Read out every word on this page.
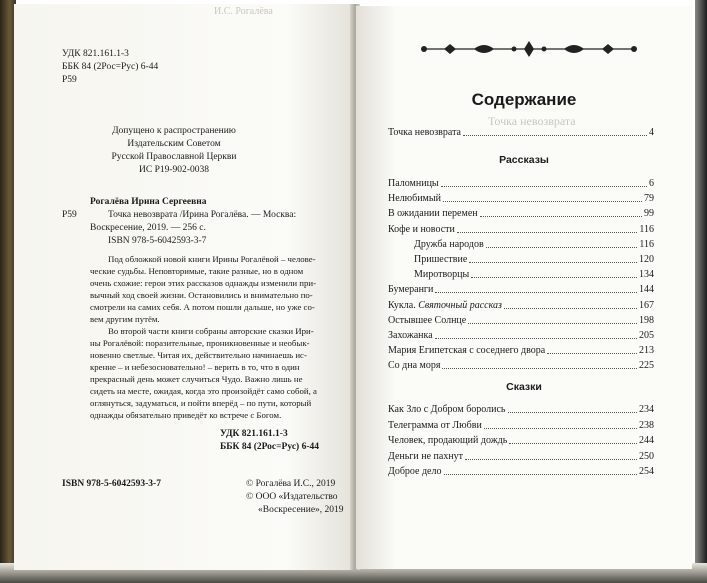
И.С. Рогалёва
УДК 821.161.1-3
ББК 84 (2Рос=Рус) 6-44
Р59
Допущено к распространению
Издательским Советом
Русской Православной Церкви
ИС Р19-902-0038
Рогалёва Ирина Сергеевна
Р59	Точка невозврата /Ирина Рогалёва. — Москва:
Воскресение, 2019. — 256 с.
ISBN 978-5-6042593-3-7
Под обложкой новой книги Ирины Рогалёвой – челове-
ческие судьбы. Неповторимые, такие разные, но в одном
очень схожие: герои этих рассказов однажды изменили при-
вычный ход своей жизни. Остановились и внимательно по-
смотрели на самих себя. А потом пошли дальше, но уже со-
вем другим путём.
Во второй части книги собраны авторские сказки Ири-
ны Рогалёвой: поразительные, проникновенные и необык-
новенно светлые. Читая их, действительно начинаешь ис-
кренне – и небезосновательно! – верить в то, что в один
прекрасный день может случиться Чудо. Важно лишь не
сидеть на месте, ожидая, когда это произойдёт само собой, а
оглянуться, задуматься, и пойти вперёд – по пути, который
однажды обязательно приведёт ко встрече с Богом.
УДК 821.161.1-3
ББК 84 (2Рос=Рус) 6-44
ISBN 978-5-6042593-3-7	© Рогалёва И.С., 2019
© ООО «Издательство
«Воскресение», 2019
Точка невозврата
Содержание
Точка невозврата	4
Рассказы
Паломницы	6
Нелюбимый	79
В ожидании перемен	99
Кофе и новости	116
Дружба народов	116
Пришествие	120
Миротворцы	134
Бумеранги	144
Кукла. Святочный рассказ	167
Остывшее Солнце	198
Захожанка	205
Мария Египетская с соседнего двора	213
Со дна моря	225
Сказки
Как Зло с Добром боролись	234
Телеграмма от Любви	238
Человек, продающий дождь	244
Деньги не пахнут	250
Доброе дело	254
